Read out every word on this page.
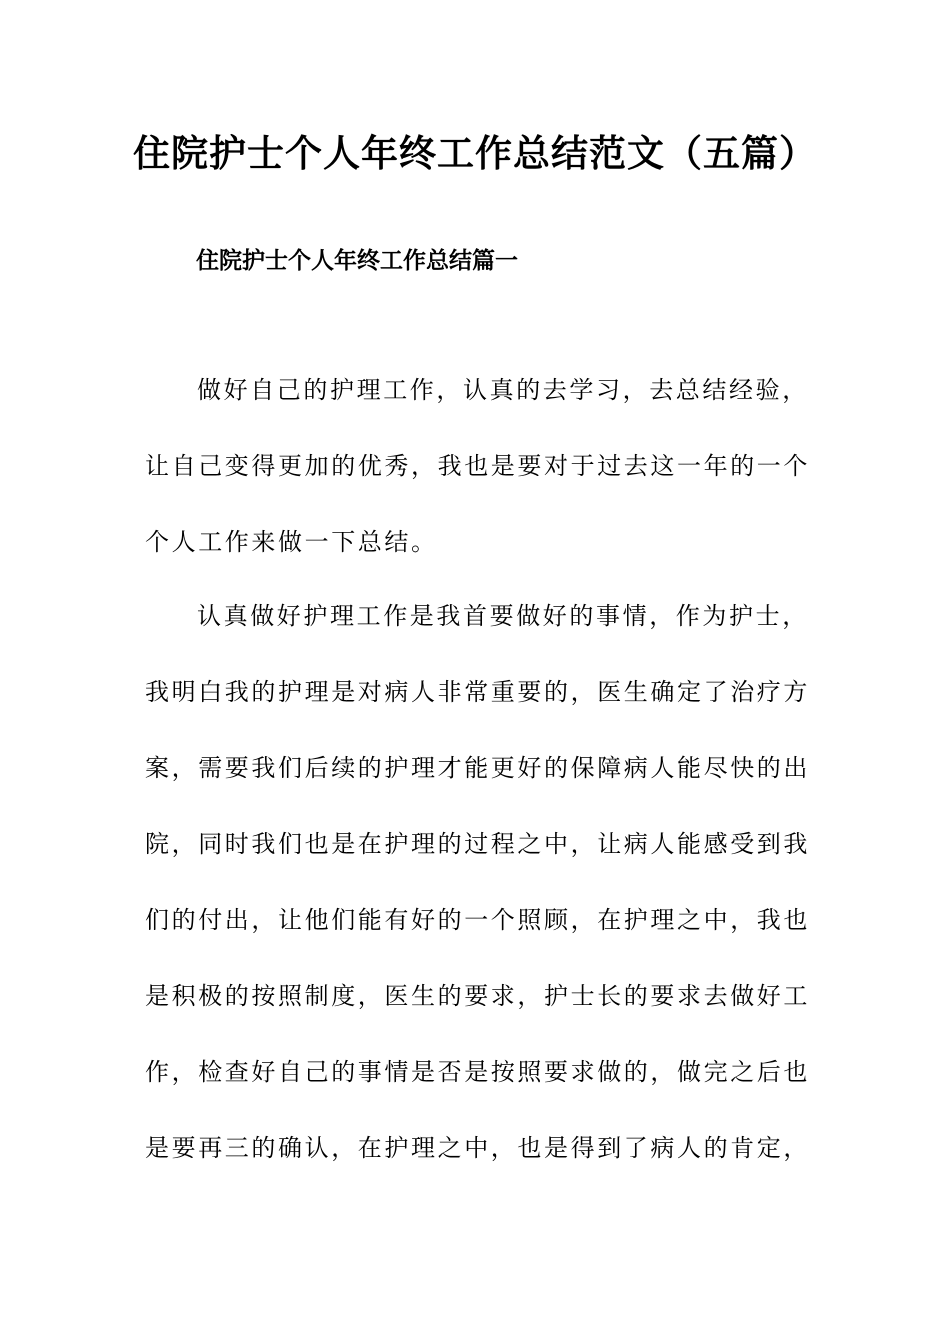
住院护士个人年终工作总结范文（五篇）
住院护士个人年终工作总结篇一
做好自己的护理工作，认真的去学习，去总结经验，
让自己变得更加的优秀，我也是要对于过去这一年的一个
个人工作来做一下总结。
认真做好护理工作是我首要做好的事情，作为护士，
我明白我的护理是对病人非常重要的，医生确定了治疗方
案，需要我们后续的护理才能更好的保障病人能尽快的出
院，同时我们也是在护理的过程之中，让病人能感受到我
们的付出，让他们能有好的一个照顾，在护理之中，我也
是积极的按照制度，医生的要求，护士长的要求去做好工
作，检查好自己的事情是否是按照要求做的，做完之后也
是要再三的确认，在护理之中，也是得到了病人的肯定，
